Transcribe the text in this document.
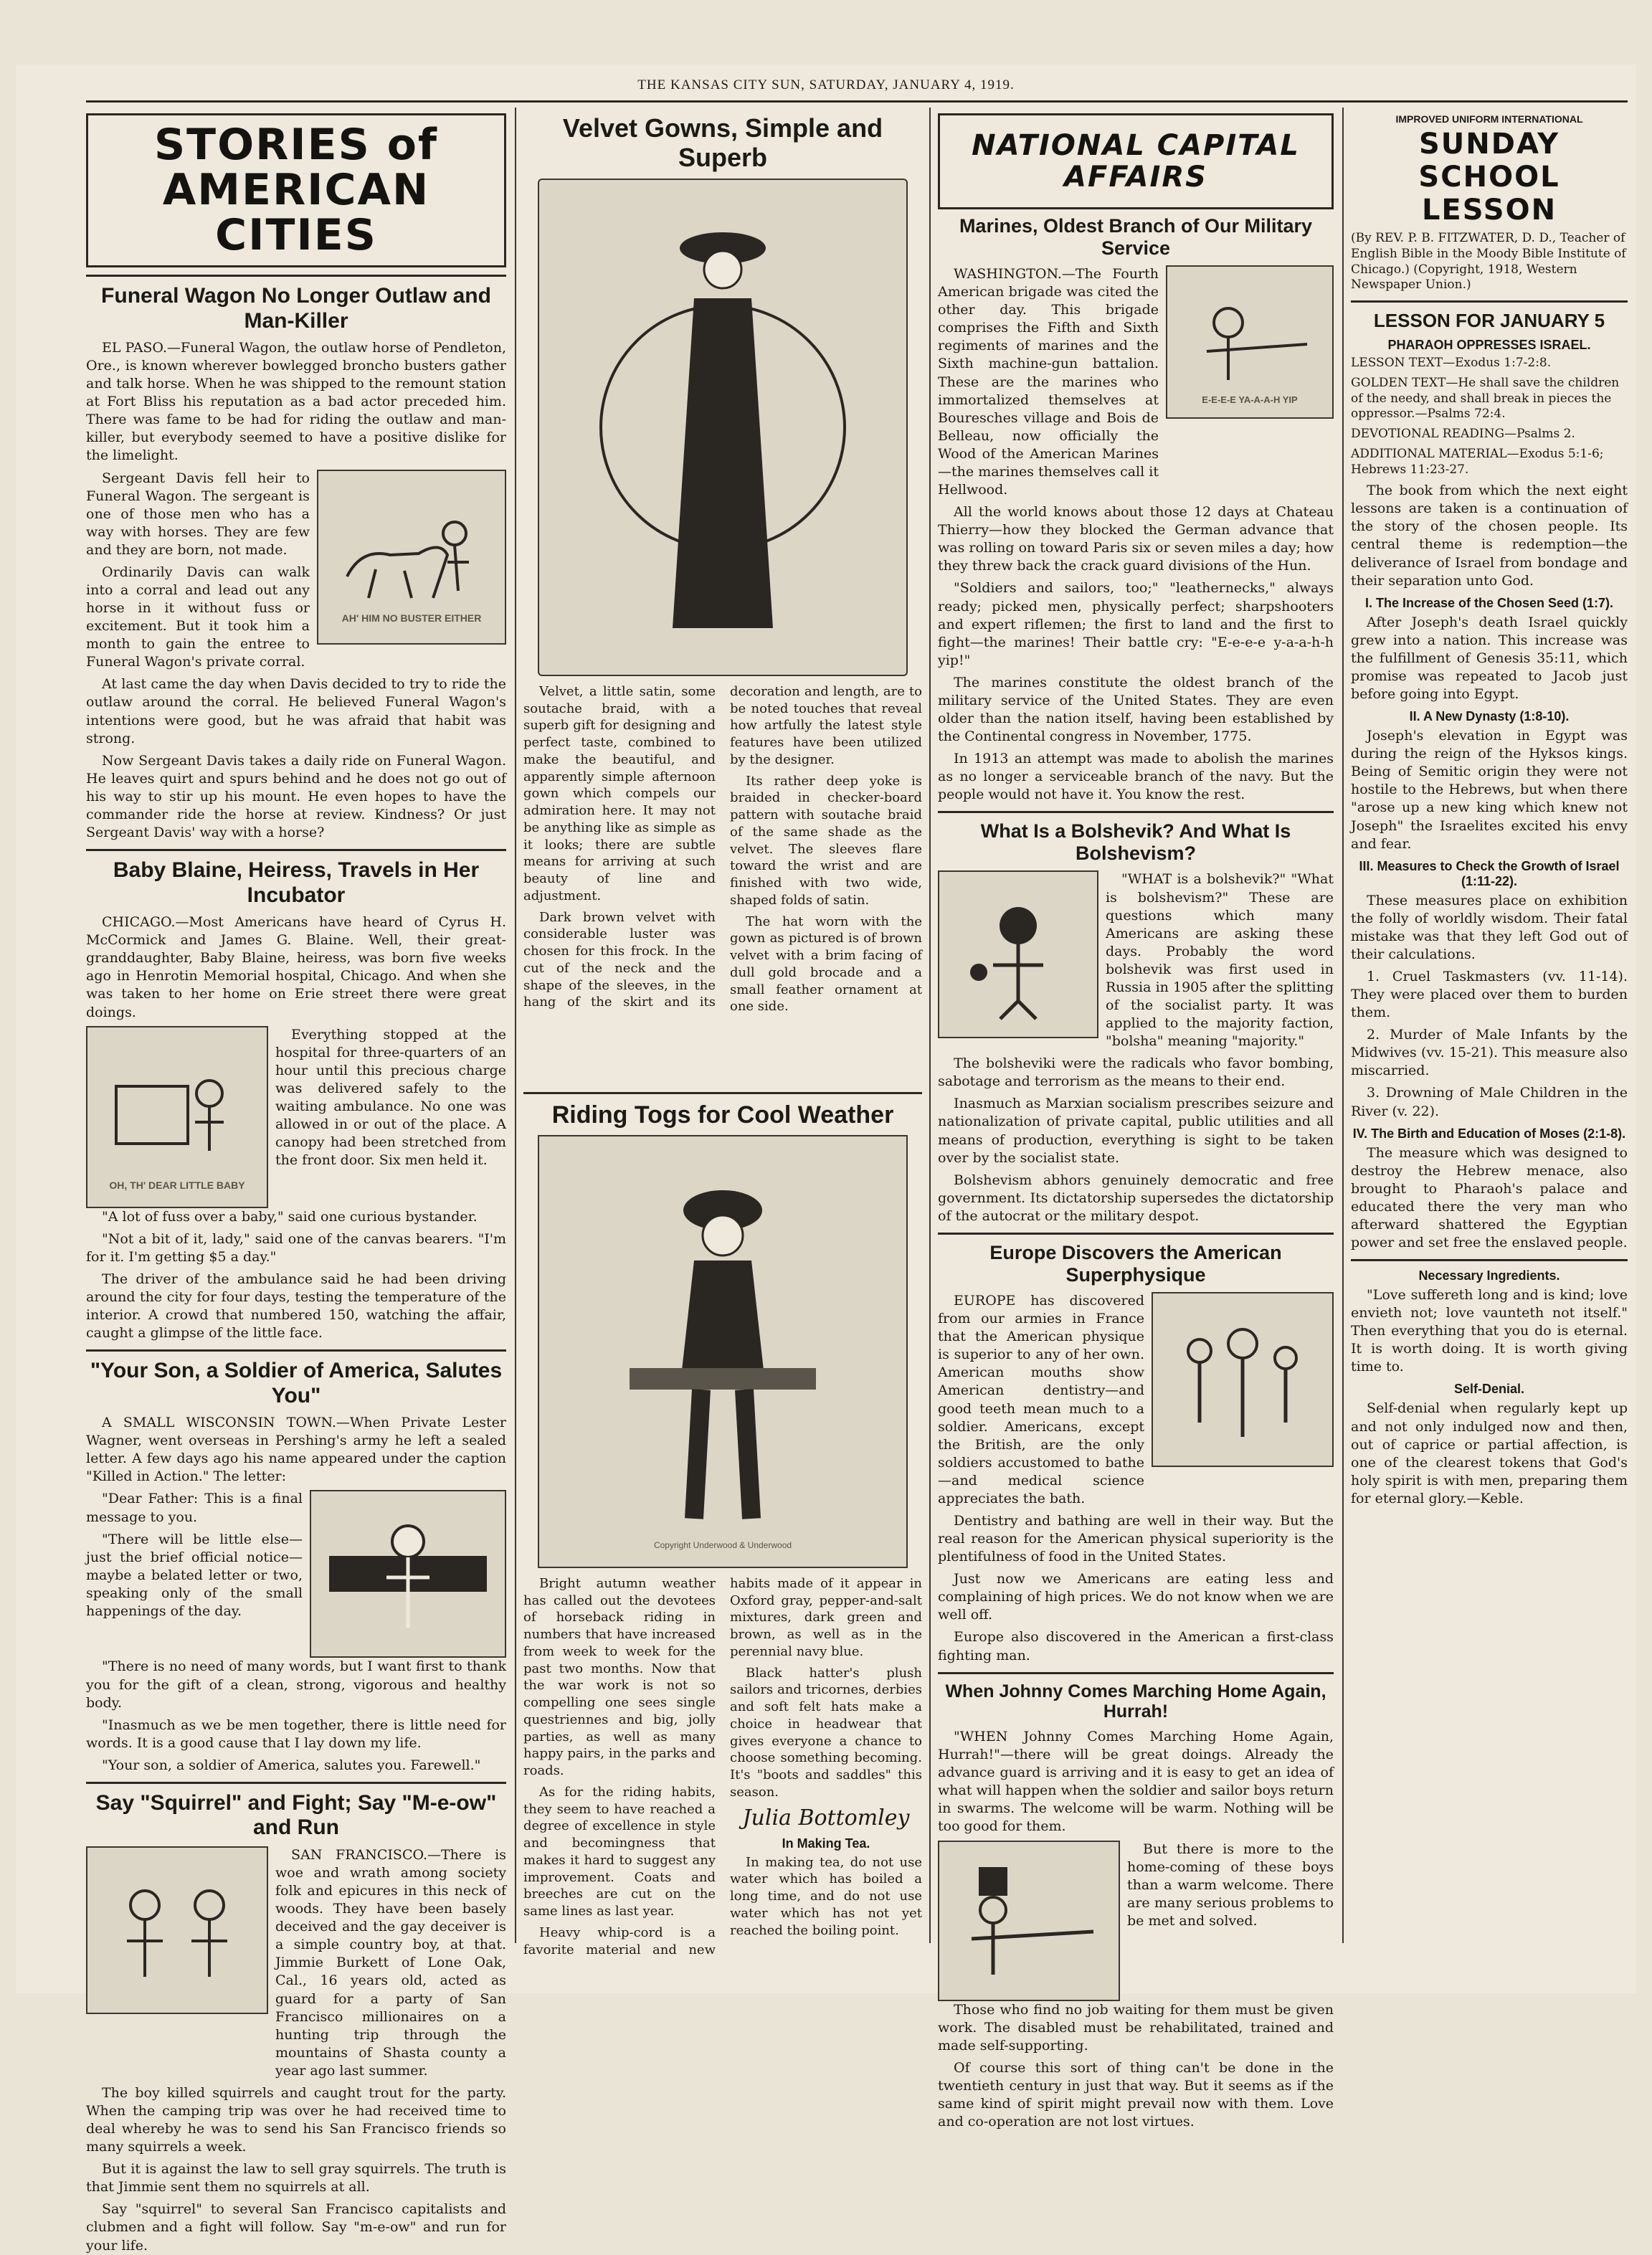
THE KANSAS CITY SUN, SATURDAY, JANUARY 4, 1919.
STORIES of AMERICAN CITIES
Funeral Wagon No Longer Outlaw and Man-Killer

EL PASO.—Funeral Wagon, the outlaw horse of Pendleton, Ore., is known wherever bowlegged broncho busters gather and talk horse. When he was shipped to the remount station at Fort Bliss his reputation as a bad actor preceded him. There was fame to be had for riding the outlaw and man-killer, but everybody seemed to have a positive dislike for the limelight.

Sergeant Davis fell heir to Funeral Wagon. The sergeant is one of those men who has a way with horses. They are few and they are born, not made.

Ordinarily Davis can walk into a corral and lead out any horse in it without fuss or excitement. But it took him a month to gain the entree to Funeral Wagon's private corral.

AH' HIM NO BUSTER EITHER

At last came the day when Davis decided to try to ride the outlaw around the corral. He believed Funeral Wagon's intentions were good, but he was afraid that habit was strong.

Now Sergeant Davis takes a daily ride on Funeral Wagon. He leaves quirt and spurs behind and he does not go out of his way to stir up his mount. He even hopes to have the commander ride the horse at review. Kindness? Or just Sergeant Davis' way with a horse?

Baby Blaine, Heiress, Travels in Her Incubator

CHICAGO.—Most Americans have heard of Cyrus H. McCormick and James G. Blaine. Well, their great-granddaughter, Baby Blaine, heiress, was born five weeks ago in Henrotin Memorial hospital, Chicago. And when she was taken to her home on Erie street there were great doings.

OH, TH' DEAR LITTLE BABY

Everything stopped at the hospital for three-quarters of an hour until this precious charge was delivered safely to the waiting ambulance. No one was allowed in or out of the place. A canopy had been stretched from the front door. Six men held it.

"A lot of fuss over a baby," said one curious bystander.

"Not a bit of it, lady," said one of the canvas bearers. "I'm for it. I'm getting $5 a day."

The driver of the ambulance said he had been driving around the city for four days, testing the temperature of the interior. A crowd that numbered 150, watching the affair, caught a glimpse of the little face.

"Your Son, a Soldier of America, Salutes You"

A SMALL WISCONSIN TOWN.—When Private Lester Wagner, went overseas in Pershing's army he left a sealed letter. A few days ago his name appeared under the caption "Killed in Action." The letter:

"Dear Father: This is a final message to you.

"There will be little else—just the brief official notice—maybe a belated letter or two, speaking only of the small happenings of the day.

"There is no need of many words, but I want first to thank you for the gift of a clean, strong, vigorous and healthy body.

"Inasmuch as we be men together, there is little need for words. It is a good cause that I lay down my life.

"Your son, a soldier of America, salutes you. Farewell."

Say "Squirrel" and Fight; Say "M-e-ow" and Run

SAN FRANCISCO.—There is woe and wrath among society folk and epicures in this neck of woods. They have been basely deceived and the gay deceiver is a simple country boy, at that. Jimmie Burkett of Lone Oak, Cal., 16 years old, acted as guard for a party of San Francisco millionaires on a hunting trip through the mountains of Shasta county a year ago last summer.

The boy killed squirrels and caught trout for the party. When the camping trip was over he had received time to deal whereby he was to send his San Francisco friends so many squirrels a week.

But it is against the law to sell gray squirrels. The truth is that Jimmie sent them no squirrels at all.

Say "squirrel" to several San Francisco capitalists and clubmen and a fight will follow. Say "m-e-ow" and run for your life.

Velvet Gowns, Simple and Superb

Velvet, a little satin, some soutache braid, with a superb gift for designing and perfect taste, combined to make the beautiful, and apparently simple afternoon gown which compels our admiration here. It may not be anything like as simple as it looks; there are subtle means for arriving at such beauty of line and adjustment.

Dark brown velvet with considerable luster was chosen for this frock. In the cut of the neck and the shape of the sleeves, in the hang of the skirt and its decoration and length, are to be noted touches that reveal how artfully the latest style features have been utilized by the designer.

Its rather deep yoke is braided in checker-board pattern with soutache braid of the same shade as the velvet. The sleeves flare toward the wrist and are finished with two wide, shaped folds of satin.

The hat worn with the gown as pictured is of brown velvet with a brim facing of dull gold brocade and a small feather ornament at one side.

Riding Togs for Cool Weather
Copyright Underwood & Underwood

Bright autumn weather has called out the devotees of horseback riding in numbers that have increased from week to week for the past two months. Now that the war work is not so compelling one sees single questriennes and big, jolly parties, as well as many happy pairs, in the parks and roads.

As for the riding habits, they seem to have reached a degree of excellence in style and becomingness that makes it hard to suggest any improvement. Coats and breeches are cut on the same lines as last year.

Heavy whip-cord is a favorite material and new habits made of it appear in Oxford gray, pepper-and-salt mixtures, dark green and brown, as well as in the perennial navy blue.

Black hatter's plush sailors and tricornes, derbies and soft felt hats make a choice in headwear that gives everyone a chance to choose something becoming. It's "boots and saddles" this season.

Julia Bottomley
In Making Tea.

In making tea, do not use water which has boiled a long time, and do not use water which has not yet reached the boiling point.

NATIONAL CAPITAL AFFAIRS
Marines, Oldest Branch of Our Military Service

WASHINGTON.—The Fourth American brigade was cited the other day. This brigade comprises the Fifth and Sixth regiments of marines and the Sixth machine-gun battalion. These are the marines who immortalized themselves at Bouresches village and Bois de Belleau, now officially the Wood of the American Marines—the marines themselves call it Hellwood.

E-E-E-E YA-A-A-H YIP

All the world knows about those 12 days at Chateau Thierry—how they blocked the German advance that was rolling on toward Paris six or seven miles a day; how they threw back the crack guard divisions of the Hun.

"Soldiers and sailors, too;" "leathernecks," always ready; picked men, physically perfect; sharpshooters and expert riflemen; the first to land and the first to fight—the marines! Their battle cry: "E-e-e-e y-a-a-h-h yip!"

The marines constitute the oldest branch of the military service of the United States. They are even older than the nation itself, having been established by the Continental congress in November, 1775.

In 1913 an attempt was made to abolish the marines as no longer a serviceable branch of the navy. But the people would not have it. You know the rest.

What Is a Bolshevik? And What Is Bolshevism?

"WHAT is a bolshevik?" "What is bolshevism?" These are questions which many Americans are asking these days. Probably the word bolshevik was first used in Russia in 1905 after the splitting of the socialist party. It was applied to the majority faction, "bolsha" meaning "majority."

The bolsheviki were the radicals who favor bombing, sabotage and terrorism as the means to their end.

Inasmuch as Marxian socialism prescribes seizure and nationalization of private capital, public utilities and all means of production, everything is sight to be taken over by the socialist state.

Bolshevism abhors genuinely democratic and free government. Its dictatorship supersedes the dictatorship of the autocrat or the military despot.

Europe Discovers the American Superphysique

EUROPE has discovered from our armies in France that the American physique is superior to any of her own. American mouths show American dentistry—and good teeth mean much to a soldier. Americans, except the British, are the only soldiers accustomed to bathe—and medical science appreciates the bath.

Dentistry and bathing are well in their way. But the real reason for the American physical superiority is the plentifulness of food in the United States.

Just now we Americans are eating less and complaining of high prices. We do not know when we are well off.

Europe also discovered in the American a first-class fighting man.

When Johnny Comes Marching Home Again, Hurrah!

"WHEN Johnny Comes Marching Home Again, Hurrah!"—there will be great doings. Already the advance guard is arriving and it is easy to get an idea of what will happen when the soldier and sailor boys return in swarms. The welcome will be warm. Nothing will be too good for them.

But there is more to the home-coming of these boys than a warm welcome. There are many serious problems to be met and solved.

Those who find no job waiting for them must be given work. The disabled must be rehabilitated, trained and made self-supporting.

Of course this sort of thing can't be done in the twentieth century in just that way. But it seems as if the same kind of spirit might prevail now with them. Love and co-operation are not lost virtues.

IMPROVED UNIFORM INTERNATIONAL
SUNDAY SCHOOL
LESSON

(By REV. P. B. FITZWATER, D. D., Teacher of English Bible in the Moody Bible Institute of Chicago.) (Copyright, 1918, Western Newspaper Union.)

LESSON FOR JANUARY 5
PHARAOH OPPRESSES ISRAEL.

LESSON TEXT—Exodus 1:7-2:8.

GOLDEN TEXT—He shall save the children of the needy, and shall break in pieces the oppressor.—Psalms 72:4.

DEVOTIONAL READING—Psalms 2.

ADDITIONAL MATERIAL—Exodus 5:1-6; Hebrews 11:23-27.

The book from which the next eight lessons are taken is a continuation of the story of the chosen people. Its central theme is redemption—the deliverance of Israel from bondage and their separation unto God.

I. The Increase of the Chosen Seed (1:7).

After Joseph's death Israel quickly grew into a nation. This increase was the fulfillment of Genesis 35:11, which promise was repeated to Jacob just before going into Egypt.

II. A New Dynasty (1:8-10).

Joseph's elevation in Egypt was during the reign of the Hyksos kings. Being of Semitic origin they were not hostile to the Hebrews, but when there "arose up a new king which knew not Joseph" the Israelites excited his envy and fear.

III. Measures to Check the Growth of Israel (1:11-22).

These measures place on exhibition the folly of worldly wisdom. Their fatal mistake was that they left God out of their calculations.

1. Cruel Taskmasters (vv. 11-14). They were placed over them to burden them.

2. Murder of Male Infants by the Midwives (vv. 15-21). This measure also miscarried.

3. Drowning of Male Children in the River (v. 22).

IV. The Birth and Education of Moses (2:1-8).

The measure which was designed to destroy the Hebrew menace, also brought to Pharaoh's palace and educated there the very man who afterward shattered the Egyptian power and set free the enslaved people.

Necessary Ingredients.

"Love suffereth long and is kind; love envieth not; love vaunteth not itself." Then everything that you do is eternal. It is worth doing. It is worth giving time to.

Self-Denial.

Self-denial when regularly kept up and not only indulged now and then, out of caprice or partial affection, is one of the clearest tokens that God's holy spirit is with men, preparing them for eternal glory.—Keble.
